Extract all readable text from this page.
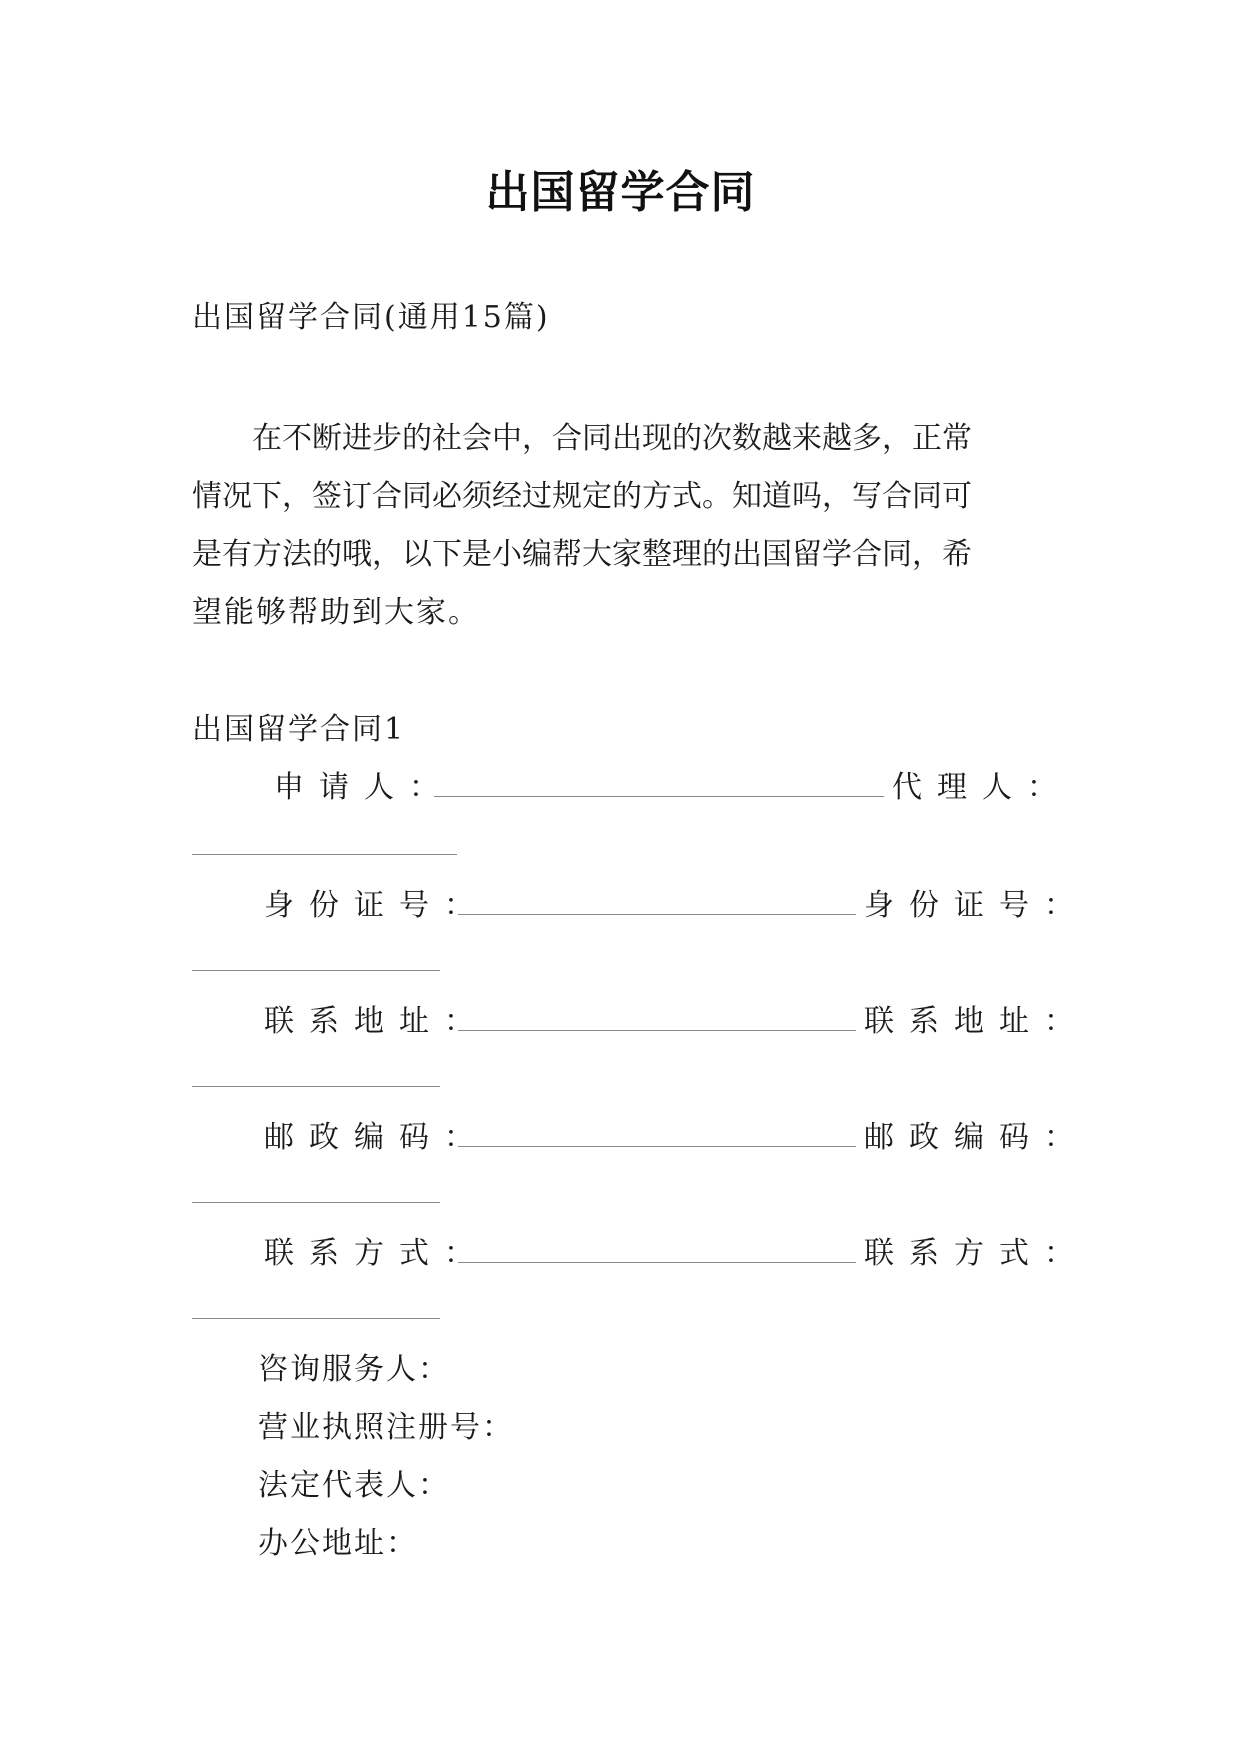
出国留学合同
出国留学合同(通用15篇)
　　在不断进步的社会中，合同出现的次数越来越多，正常
情况下，签订合同必须经过规定的方式。知道吗，写合同可
是有方法的哦，以下是小编帮大家整理的出国留学合同，希
望能够帮助到大家。
出国留学合同1
申请人：	代理人：
身份证号：	身份证号：
联系地址：	联系地址：
邮政编码：	邮政编码：
联系方式：	联系方式：
咨询服务人：
营业执照注册号：
法定代表人：
办公地址：
